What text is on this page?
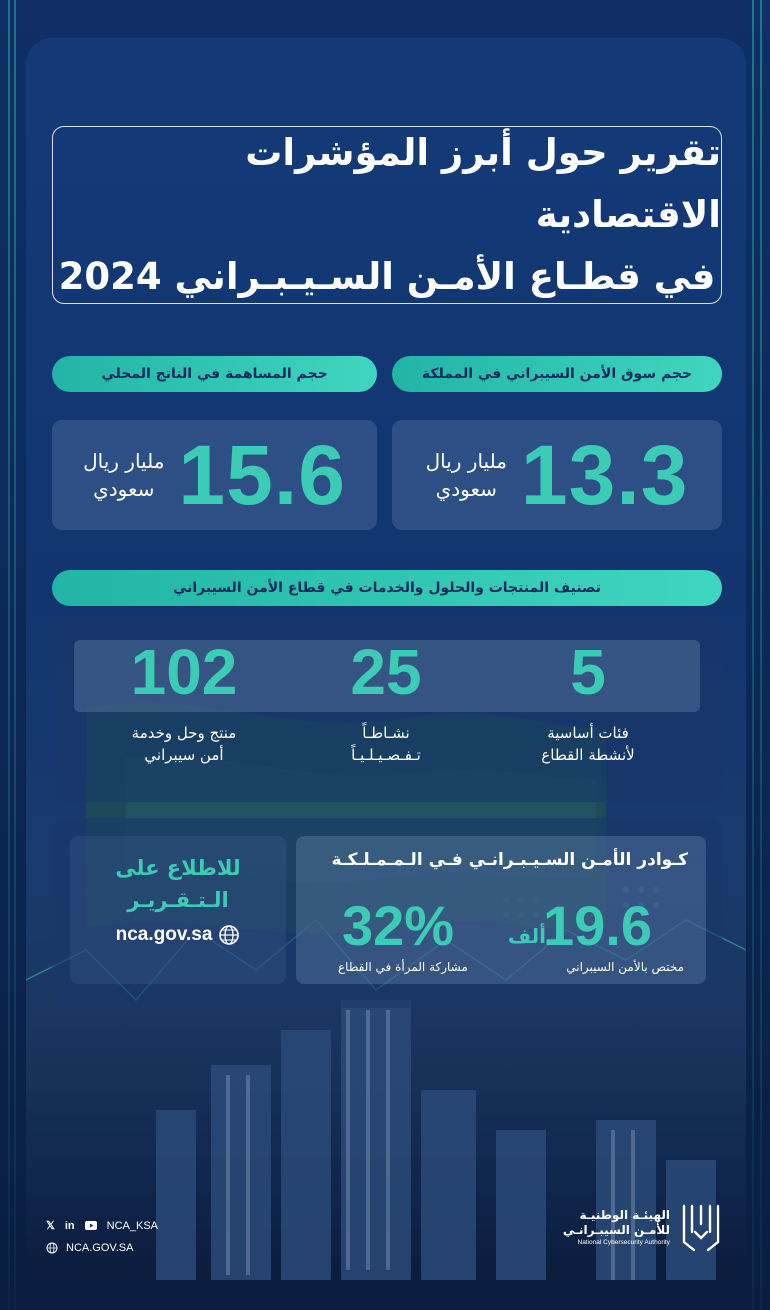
تقرير حول أبرز المؤشرات الاقتصادية
في قطـاع الأمـن السـيـبـراني 2024
حجم سوق الأمن السيبراني في المملكة
حجم المساهمة في الناتج المحلي
13.3
مليار ريال
سعودي
15.6
مليار ريال
سعودي
تصنيف المنتجات والحلول والخدمات في قطاع الأمن السيبراني
5
فئات أساسية
لأنشطة القطاع
25
نشـاطـاً
تـفـصـيـلـيـاً
102
منتج وحل وخدمة
أمن سيبراني
كـوادر الأمـن السـيـبـرانـي فـي الـمـمـلـكـة
19.6
ألف
مختص بالأمن السيبراني
32%
مشاركة المرأة في القطاع
للاطلاع على
الـتـقـريـر
nca.gov.sa
𝕏 in	NCA_KSA
NCA.GOV.SA
الهيئـة الوطنيـة
للأمـن السيبـرانـي
National Cybersecurity Authority
